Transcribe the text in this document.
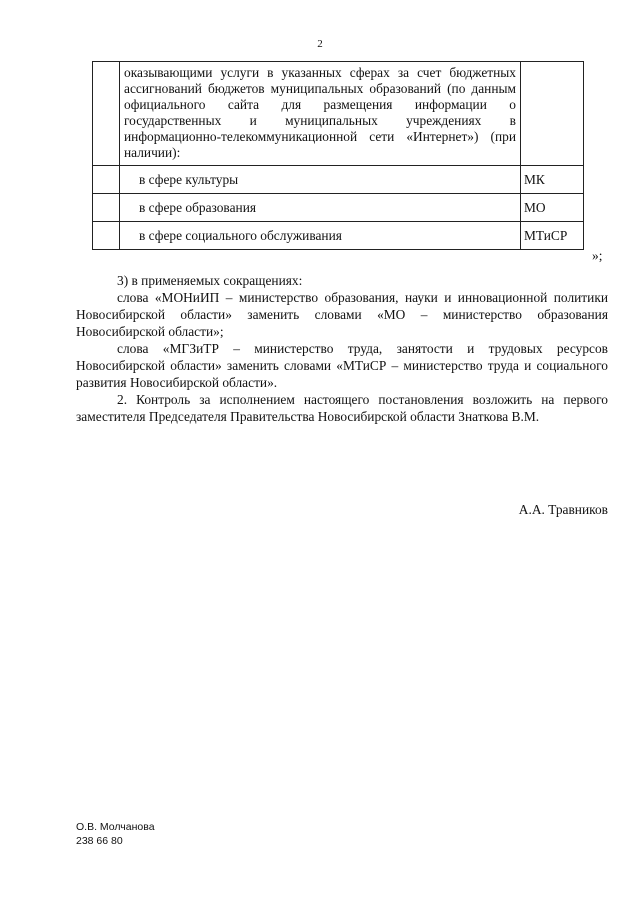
2
	оказывающими услуги в указанных сферах за счет бюджетных ассигнований бюджетов муниципальных образований (по данным официального сайта для размещения информации о государственных и муниципальных учреждениях в информационно-телекоммуникационной сети «Интернет») (при наличии):	
	в сфере культуры	МК
	в сфере образования	МО
	в сфере социального обслуживания	МТиСР
»;

3) в применяемых сокращениях:

слова «МОНиИП – министерство образования, науки и инновационной политики Новосибирской области» заменить словами «МО – министерство образования Новосибирской области»;

слова «МГЗиТР – министерство труда, занятости и трудовых ресурсов Новосибирской области» заменить словами «МТиСР – министерство труда и социального развития Новосибирской области».

2. Контроль за исполнением настоящего постановления возложить на первого заместителя Председателя Правительства Новосибирской области Знаткова В.М.

А.А. Травников
О.В. Молчанова
238 66 80
